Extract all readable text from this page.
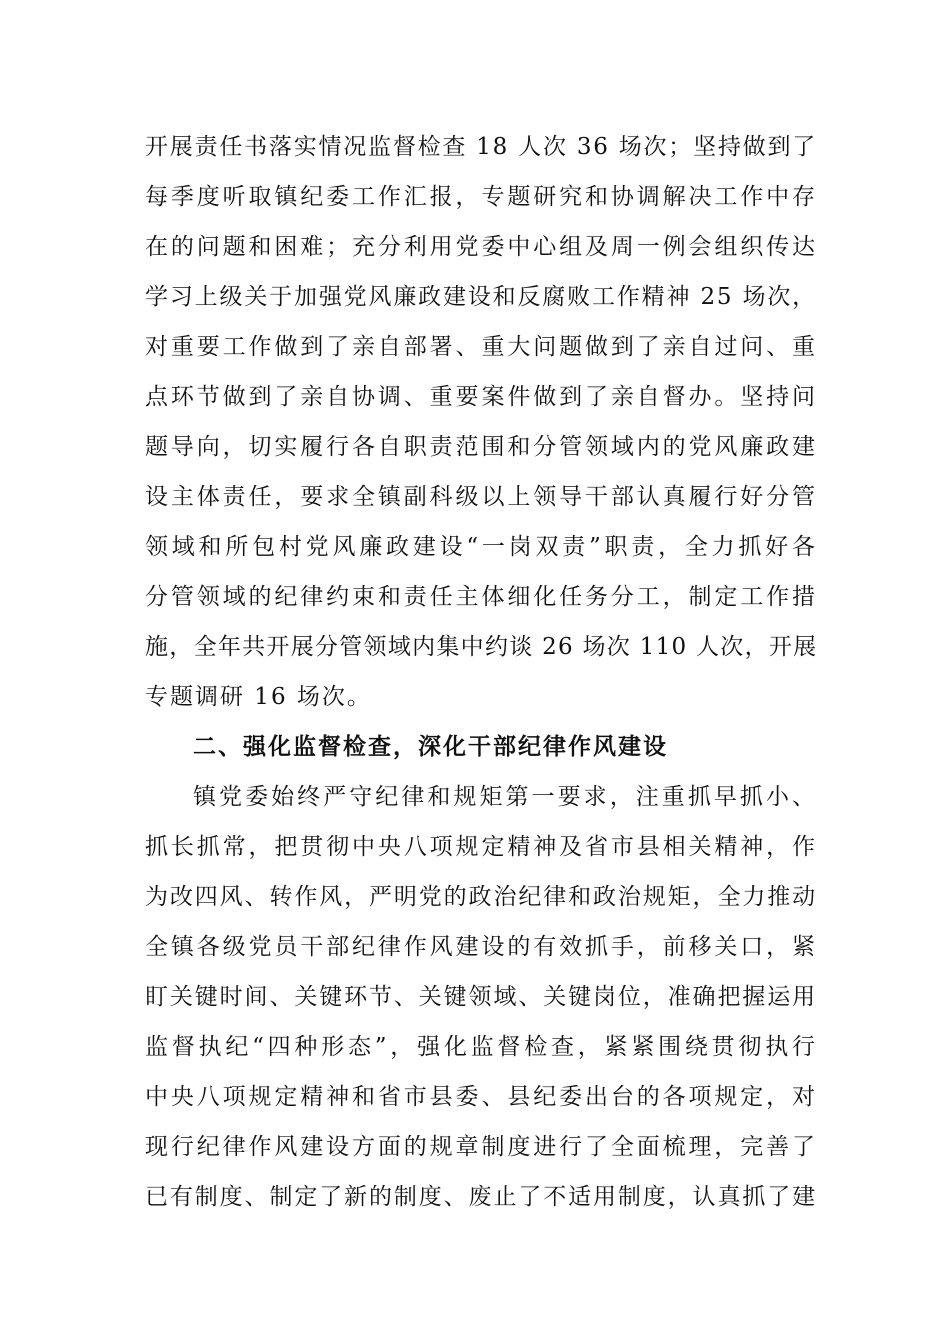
开展责任书落实情况监督检查 18 人次 36 场次；坚持做到了
每季度听取镇纪委工作汇报，专题研究和协调解决工作中存
在的问题和困难；充分利用党委中心组及周一例会组织传达
学习上级关于加强党风廉政建设和反腐败工作精神 25 场次，
对重要工作做到了亲自部署、重大问题做到了亲自过问、重
点环节做到了亲自协调、重要案件做到了亲自督办。坚持问
题导向，切实履行各自职责范围和分管领域内的党风廉政建
设主体责任，要求全镇副科级以上领导干部认真履行好分管
领域和所包村党风廉政建设“一岗双责”职责，全力抓好各
分管领域的纪律约束和责任主体细化任务分工，制定工作措
施，全年共开展分管领域内集中约谈 26 场次 110 人次，开展
专题调研 16 场次。
二、强化监督检查，深化干部纪律作风建设
镇党委始终严守纪律和规矩第一要求，注重抓早抓小、
抓长抓常，把贯彻中央八项规定精神及省市县相关精神，作
为改四风、转作风，严明党的政治纪律和政治规矩，全力推动
全镇各级党员干部纪律作风建设的有效抓手，前移关口，紧
盯关键时间、关键环节、关键领域、关键岗位，准确把握运用
监督执纪“四种形态”，强化监督检查，紧紧围绕贯彻执行
中央八项规定精神和省市县委、县纪委出台的各项规定，对
现行纪律作风建设方面的规章制度进行了全面梳理，完善了
已有制度、制定了新的制度、废止了不适用制度，认真抓了建
